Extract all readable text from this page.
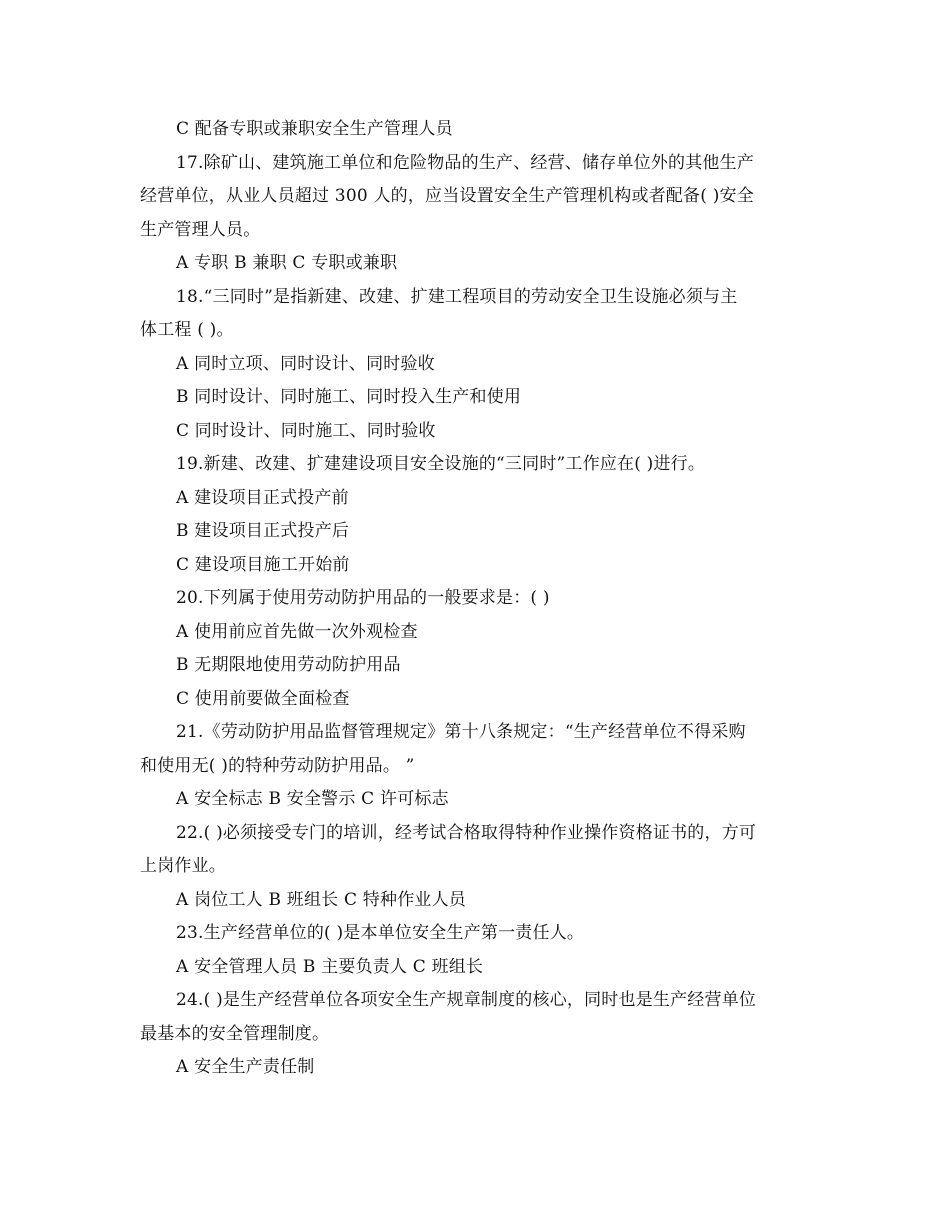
C 配备专职或兼职安全生产管理人员
17.除矿山、建筑施工单位和危险物品的生产、经营、储存单位外的其他生产
经营单位，从业人员超过 300 人的，应当设置安全生产管理机构或者配备( )安全
生产管理人员。
A 专职 B 兼职 C 专职或兼职
18.“三同时”是指新建、改建、扩建工程项目的劳动安全卫生设施必须与主
体工程 ( )。
A 同时立项、同时设计、同时验收
B 同时设计、同时施工、同时投入生产和使用
C 同时设计、同时施工、同时验收
19.新建、改建、扩建建设项目安全设施的“三同时”工作应在( )进行。
A 建设项目正式投产前
B 建设项目正式投产后
C 建设项目施工开始前
20.下列属于使用劳动防护用品的一般要求是：( )
A 使用前应首先做一次外观检查
B 无期限地使用劳动防护用品
C 使用前要做全面检查
21.《劳动防护用品监督管理规定》第十八条规定：“生产经营单位不得采购
和使用无( )的特种劳动防护用品。 ”
A 安全标志 B 安全警示 C 许可标志
22.( )必须接受专门的培训，经考试合格取得特种作业操作资格证书的，方可
上岗作业。
A 岗位工人 B 班组长 C 特种作业人员
23.生产经营单位的( )是本单位安全生产第一责任人。
A 安全管理人员 B 主要负责人 C 班组长
24.( )是生产经营单位各项安全生产规章制度的核心，同时也是生产经营单位
最基本的安全管理制度。
A 安全生产责任制
